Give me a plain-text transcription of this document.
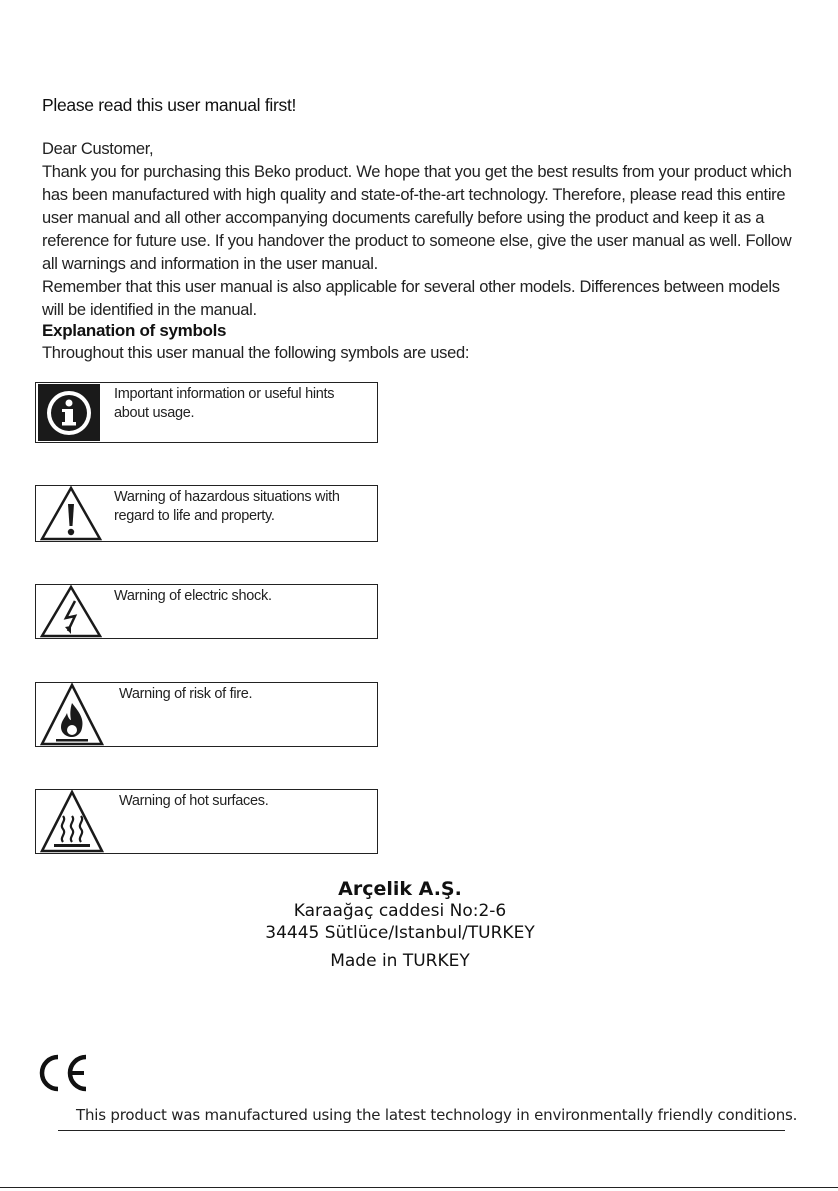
Please read this user manual first!

Dear Customer,

Thank you for purchasing this Beko product. We hope that you get the best results from your product which has been manufactured with high quality and state-of-the-art technology. Therefore, please read this entire user manual and all other accompanying documents carefully before using the product and keep it as a reference for future use. If you handover the product to someone else, give the user manual as well. Follow all warnings and information in the user manual.

Remember that this user manual is also applicable for several other models. Differences between models will be identified in the manual.

Explanation of symbols
Throughout this user manual the following symbols are used:
Important information or useful hints about usage.
Warning of hazardous situations with regard to life and property.
Warning of electric shock.
Warning of risk of fire.
Warning of hot surfaces.
Arçelik A.Ş.
Karaağaç caddesi No:2-6
34445 Sütlüce/Istanbul/TURKEY
Made in TURKEY
This product was manufactured using the latest technology in environmentally friendly conditions.
